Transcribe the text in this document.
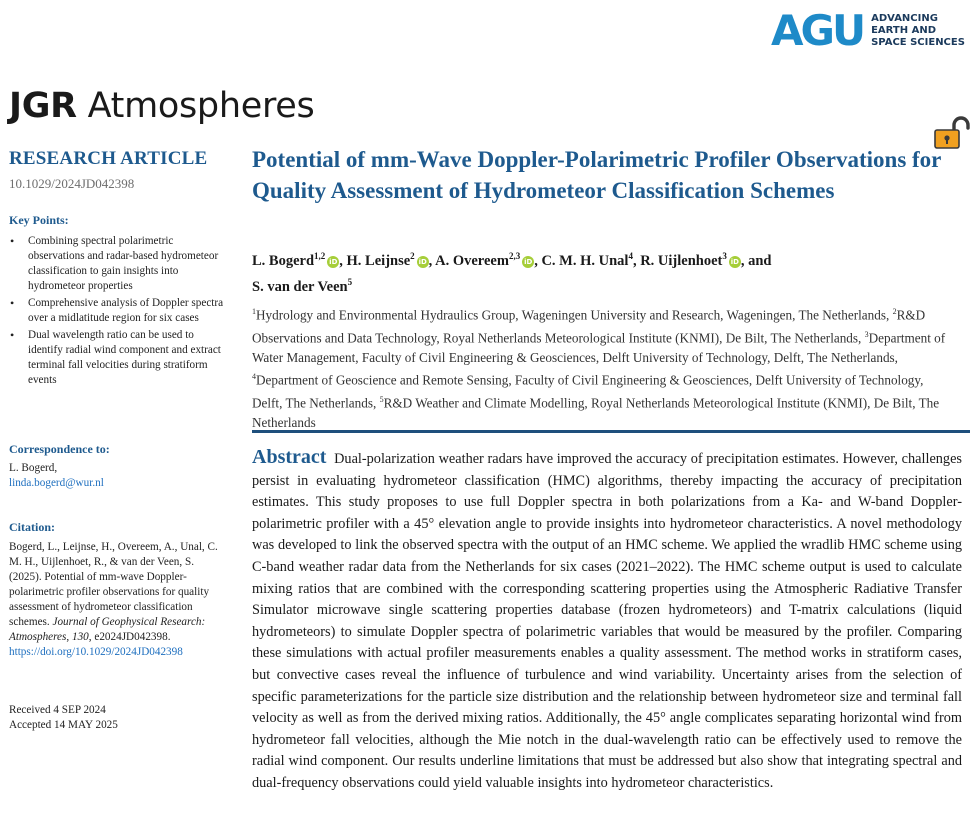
AGU ADVANCING
EARTH AND
SPACE SCIENCES
JGR Atmospheres
RESEARCH ARTICLE
10.1029/2024JD042398
Key Points:
• Combining spectral polarimetric observations and radar-based hydrometeor classification to gain insights into hydrometeor properties
• Comprehensive analysis of Doppler spectra over a midlatitude region for six cases
• Dual wavelength ratio can be used to identify radial wind component and extract terminal fall velocities during stratiform events
Correspondence to:
L. Bogerd,
linda.bogerd@wur.nl
Citation:
Bogerd, L., Leijnse, H., Overeem, A., Unal, C. M. H., Uijlenhoet, R., & van der Veen, S. (2025). Potential of mm-wave Doppler-polarimetric profiler observations for quality assessment of hydrometeor classification schemes. Journal of Geophysical Research: Atmospheres, 130, e2024JD042398. https://doi.org/10.1029/2024JD042398
Received 4 SEP 2024
Accepted 14 MAY 2025
Potential of mm-Wave Doppler-Polarimetric Profiler Observations for Quality Assessment of Hydrometeor Classification Schemes
L. Bogerd$^{1,2}$iD , H. Leijnse$^2$iD , A. Overeem$^{2,3}$iD , C. M. H. Unal$^4$, R. Uijlenhoet$^3$iD , and
S. van der Veen$^5$
$^1$Hydrology and Environmental Hydraulics Group, Wageningen University and Research, Wageningen, The Netherlands, $^2$R&D Observations and Data Technology, Royal Netherlands Meteorological Institute (KNMI), De Bilt, The Netherlands, $^3$Department of Water Management, Faculty of Civil Engineering & Geosciences, Delft University of Technology, Delft, The Netherlands, $^4$Department of Geoscience and Remote Sensing, Faculty of Civil Engineering & Geosciences, Delft University of Technology, Delft, The Netherlands, $^5$R&D Weather and Climate Modelling, Royal Netherlands Meteorological Institute (KNMI), De Bilt, The Netherlands
Abstract Dual-polarization weather radars have improved the accuracy of precipitation estimates. However, challenges persist in evaluating hydrometeor classification (HMC) algorithms, thereby impacting the accuracy of precipitation estimates. This study proposes to use full Doppler spectra in both polarizations from a Ka- and W-band Doppler-polarimetric profiler with a 45° elevation angle to provide insights into hydrometeor characteristics. A novel methodology was developed to link the observed spectra with the output of an HMC scheme. We applied the wradlib HMC scheme using C-band weather radar data from the Netherlands for six cases (2021–2022). The HMC scheme output is used to calculate mixing ratios that are combined with the corresponding scattering properties using the Atmospheric Radiative Transfer Simulator microwave single scattering properties database (frozen hydrometeors) and T-matrix calculations (liquid hydrometeors) to simulate Doppler spectra of polarimetric variables that would be measured by the profiler. Comparing these simulations with actual profiler measurements enables a quality assessment. The method works in stratiform cases, but convective cases reveal the influence of turbulence and wind variability. Uncertainty arises from the selection of specific parameterizations for the particle size distribution and the relationship between hydrometeor size and terminal fall velocity as well as from the derived mixing ratios. Additionally, the 45° angle complicates separating horizontal wind from hydrometeor fall velocities, although the Mie notch in the dual-wavelength ratio can be effectively used to remove the radial wind component. Our results underline limitations that must be addressed but also show that integrating spectral and dual-frequency observations could yield valuable insights into hydrometeor characteristics.
